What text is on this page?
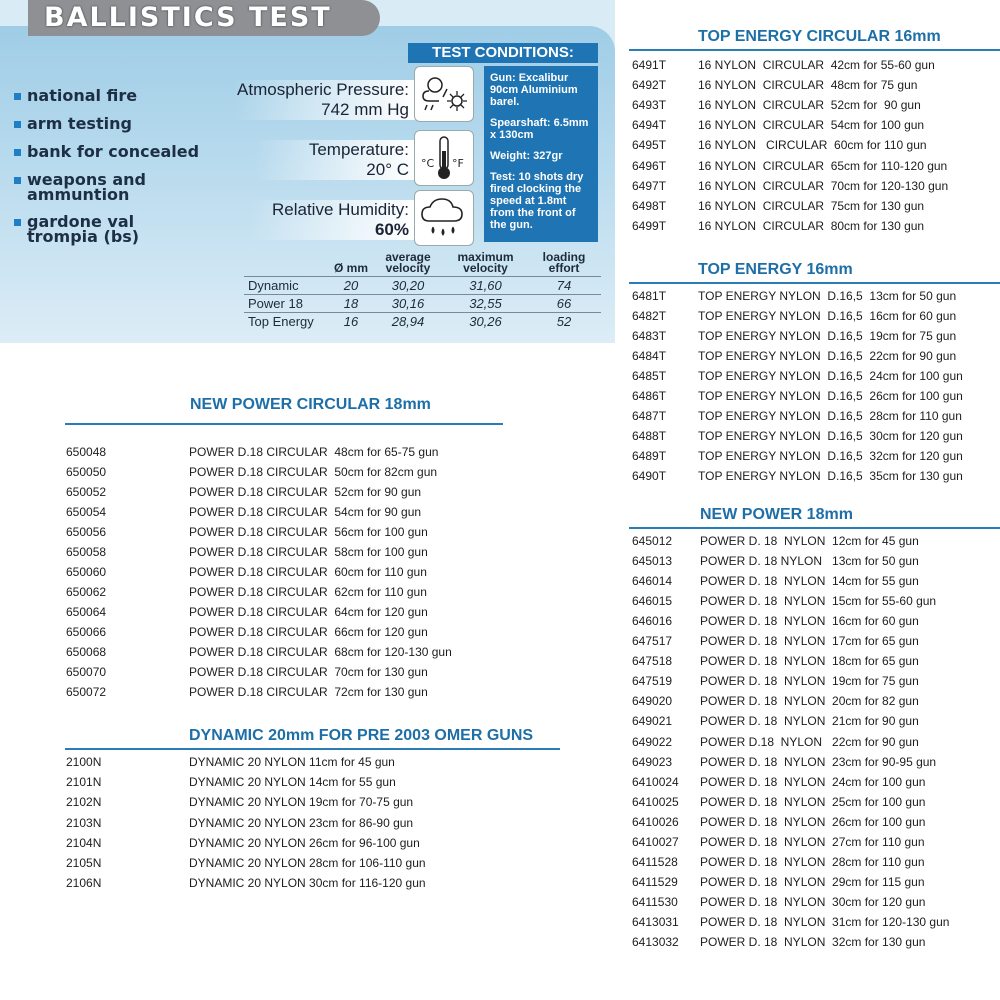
BALLISTICS TEST
national fire
arm testing
bank for concealed
weapons and ammuntion
gardone val trompia (bs)
Atmospheric Pressure:
742 mm Hg
Temperature:
20° C °C °F
Relative Humidity:
60%
TEST CONDITIONS:

Gun: Excalibur 90cm Aluminium barel.

Spearshaft: 6.5mm x 130cm

Weight: 327gr

Test: 10 shots dry fired clocking the speed at 1.8mt from the front of the gun.

	Ø mm	average velocity	maximum velocity	loading effort
Dynamic	20	30,20	31,60	74
Power 18	18	30,16	32,55	66
Top Energy	16	28,94	30,26	52
NEW POWER CIRCULAR 18mm
650048	POWER D.18 CIRCULAR  48cm for 65-75 gun
650050	POWER D.18 CIRCULAR  50cm for 82cm gun
650052	POWER D.18 CIRCULAR  52cm for 90 gun
650054	POWER D.18 CIRCULAR  54cm for 90 gun
650056	POWER D.18 CIRCULAR  56cm for 100 gun
650058	POWER D.18 CIRCULAR  58cm for 100 gun
650060	POWER D.18 CIRCULAR  60cm for 110 gun
650062	POWER D.18 CIRCULAR  62cm for 110 gun
650064	POWER D.18 CIRCULAR  64cm for 120 gun
650066	POWER D.18 CIRCULAR  66cm for 120 gun
650068	POWER D.18 CIRCULAR  68cm for 120-130 gun
650070	POWER D.18 CIRCULAR  70cm for 130 gun
650072	POWER D.18 CIRCULAR  72cm for 130 gun
DYNAMIC 20mm FOR PRE 2003 OMER GUNS
2100N	DYNAMIC 20 NYLON 11cm for 45 gun
2101N	DYNAMIC 20 NYLON 14cm for 55 gun
2102N	DYNAMIC 20 NYLON 19cm for 70-75 gun
2103N	DYNAMIC 20 NYLON 23cm for 86-90 gun
2104N	DYNAMIC 20 NYLON 26cm for 96-100 gun
2105N	DYNAMIC 20 NYLON 28cm for 106-110 gun
2106N	DYNAMIC 20 NYLON 30cm for 116-120 gun
TOP ENERGY CIRCULAR 16mm
6491T	16 NYLON  CIRCULAR  42cm for 55-60 gun
6492T	16 NYLON  CIRCULAR  48cm for 75 gun
6493T	16 NYLON  CIRCULAR  52cm for  90 gun
6494T	16 NYLON  CIRCULAR  54cm for 100 gun
6495T	16 NYLON   CIRCULAR  60cm for 110 gun
6496T	16 NYLON  CIRCULAR  65cm for 110-120 gun
6497T	16 NYLON  CIRCULAR  70cm for 120-130 gun
6498T	16 NYLON  CIRCULAR  75cm for 130 gun
6499T	16 NYLON  CIRCULAR  80cm for 130 gun
TOP ENERGY 16mm
6481T	TOP ENERGY NYLON  D.16,5  13cm for 50 gun
6482T	TOP ENERGY NYLON  D.16,5  16cm for 60 gun
6483T	TOP ENERGY NYLON  D.16,5  19cm for 75 gun
6484T	TOP ENERGY NYLON  D.16,5  22cm for 90 gun
6485T	TOP ENERGY NYLON  D.16,5  24cm for 100 gun
6486T	TOP ENERGY NYLON  D.16,5  26cm for 100 gun
6487T	TOP ENERGY NYLON  D.16,5  28cm for 110 gun
6488T	TOP ENERGY NYLON  D.16,5  30cm for 120 gun
6489T	TOP ENERGY NYLON  D.16,5  32cm for 120 gun
6490T	TOP ENERGY NYLON  D.16,5  35cm for 130 gun
NEW POWER 18mm
645012 POWER D. 18  NYLON  12cm for 45 gun
645013 POWER D. 18 NYLON   13cm for 50 gun
646014 POWER D. 18  NYLON  14cm for 55 gun
646015 POWER D. 18  NYLON  15cm for 55-60 gun
646016 POWER D. 18  NYLON  16cm for 60 gun
647517 POWER D. 18  NYLON  17cm for 65 gun
647518 POWER D. 18  NYLON  18cm for 65 gun
647519 POWER D. 18  NYLON  19cm for 75 gun
649020 POWER D. 18  NYLON  20cm for 82 gun
649021 POWER D. 18  NYLON  21cm for 90 gun
649022 POWER D.18  NYLON   22cm for 90 gun
649023 POWER D. 18  NYLON  23cm for 90-95 gun
6410024 POWER D. 18  NYLON  24cm for 100 gun
6410025 POWER D. 18  NYLON  25cm for 100 gun
6410026 POWER D. 18  NYLON  26cm for 100 gun
6410027 POWER D. 18  NYLON  27cm for 110 gun
6411528 POWER D. 18  NYLON  28cm for 110 gun
6411529 POWER D. 18  NYLON  29cm for 115 gun
6411530 POWER D. 18  NYLON  30cm for 120 gun
6413031 POWER D. 18  NYLON  31cm for 120-130 gun
6413032 POWER D. 18  NYLON  32cm for 130 gun
